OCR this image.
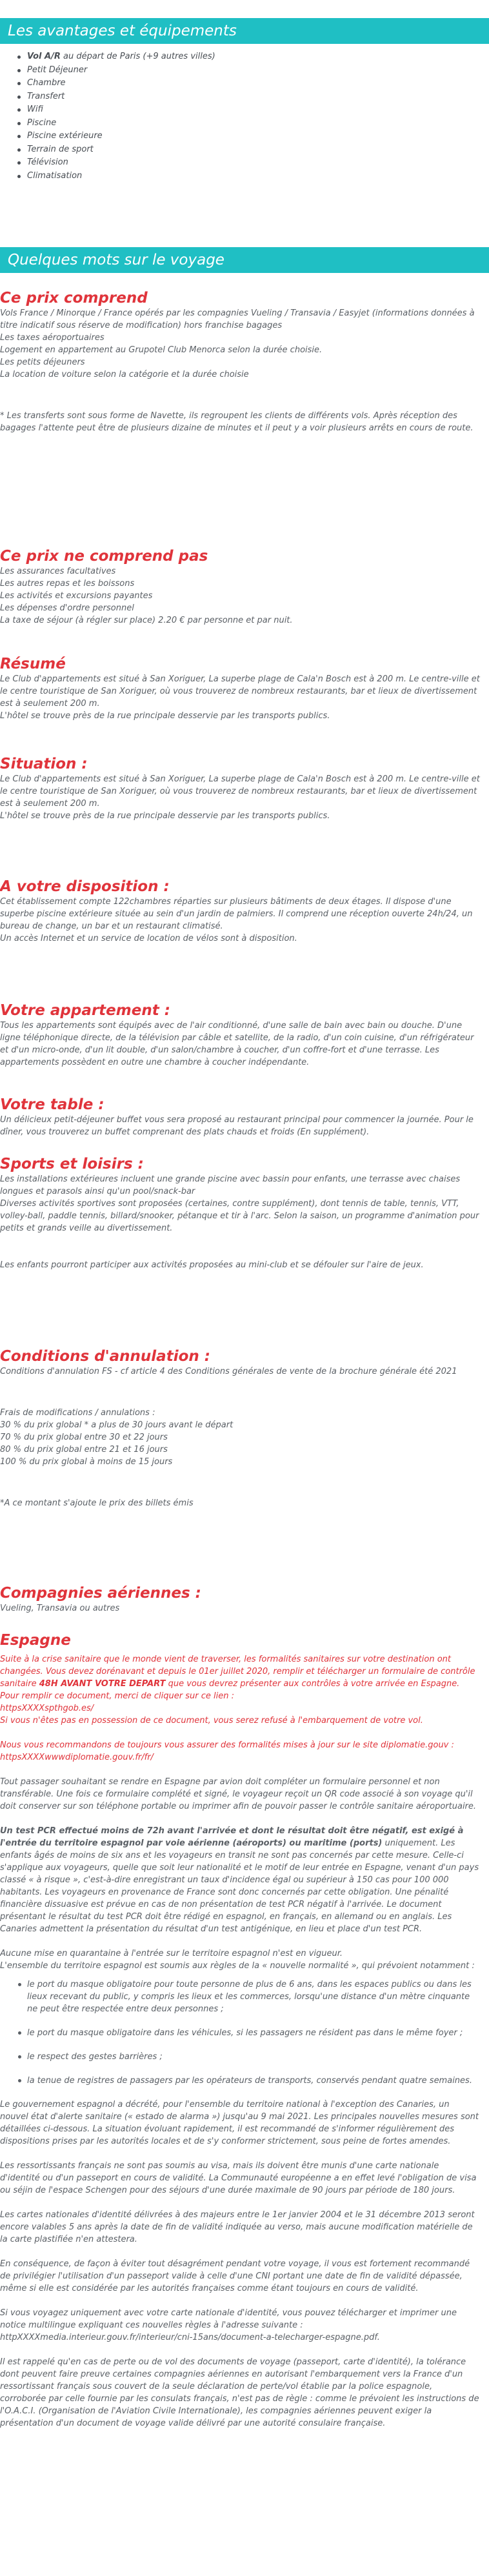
Les avantages et équipements
Vol A/R au départ de Paris (+9 autres villes)
Petit Déjeuner
Chambre
Transfert
Wifi
Piscine
Piscine extérieure
Terrain de sport
Télévision
Climatisation
Quelques mots sur le voyage
Ce prix comprend

Vols France / Minorque / France opérés par les compagnies Vueling / Transavia / Easyjet (informations données à titre indicatif sous réserve de modification) hors franchise bagages

Les taxes aéroportuaires

Logement en appartement au Grupotel Club Menorca selon la durée choisie.

Les petits déjeuners

La location de voiture selon la catégorie et la durée choisie

* Les transferts sont sous forme de Navette, ils regroupent les clients de différents vols. Après réception des bagages l'attente peut être de plusieurs dizaine de minutes et il peut y a voir plusieurs arrêts en cours de route.

Ce prix ne comprend pas

Les assurances facultatives

Les autres repas et les boissons

Les activités et excursions payantes

Les dépenses d'ordre personnel

La taxe de séjour (à régler sur place) 2.20 € par personne et par nuit.

Résumé

Le Club d'appartements est situé à San Xoriguer, La superbe plage de Cala'n Bosch est à 200 m. Le centre-ville et le centre touristique de San Xoriguer, où vous trouverez de nombreux restaurants, bar et lieux de divertissement est à seulement 200 m.

L'hôtel se trouve près de la rue principale desservie par les transports publics.

Situation :

Le Club d'appartements est situé à San Xoriguer, La superbe plage de Cala'n Bosch est à 200 m. Le centre-ville et le centre touristique de San Xoriguer, où vous trouverez de nombreux restaurants, bar et lieux de divertissement est à seulement 200 m.

L'hôtel se trouve près de la rue principale desservie par les transports publics.

A votre disposition :

Cet établissement compte 122chambres réparties sur plusieurs bâtiments de deux étages. Il dispose d'une superbe piscine extérieure située au sein d'un jardin de palmiers. Il comprend une réception ouverte 24h/24, un bureau de change, un bar et un restaurant climatisé.

Un accès Internet et un service de location de vélos sont à disposition.

Votre appartement :

Tous les appartements sont équipés avec de l'air conditionné, d'une salle de bain avec bain ou douche. D'une ligne téléphonique directe, de la télévision par câble et satellite, de la radio, d'un coin cuisine, d'un réfrigérateur et d'un micro-onde, d'un lit double, d'un salon/chambre à coucher, d'un coffre-fort et d'une terrasse. Les appartements possèdent en outre une chambre à coucher indépendante.

Votre table :

Un délicieux petit-déjeuner buffet vous sera proposé au restaurant principal pour commencer la journée. Pour le dîner, vous trouverez un buffet comprenant des plats chauds et froids (En supplément).

Sports et loisirs :

Les installations extérieures incluent une grande piscine avec bassin pour enfants, une terrasse avec chaises longues et parasols ainsi qu'un pool/snack-bar

Diverses activités sportives sont proposées (certaines, contre supplément), dont tennis de table, tennis, VTT, volley-ball, paddle tennis, billard/snooker, pétanque et tir à l'arc. Selon la saison, un programme d'animation pour petits et grands veille au divertissement.

Les enfants pourront participer aux activités proposées au mini-club et se défouler sur l'aire de jeux.

Conditions d'annulation :

Conditions d'annulation FS - cf article 4 des Conditions générales de vente de la brochure générale été 2021

Frais de modifications / annulations :

30 % du prix global * a plus de 30 jours avant le départ

70 % du prix global entre 30 et 22 jours

80 % du prix global entre 21 et 16 jours

100 % du prix global à moins de 15 jours

*A ce montant s'ajoute le prix des billets émis

Compagnies aériennes :

Vueling, Transavia ou autres

Espagne

Suite à la crise sanitaire que le monde vient de traverser, les formalités sanitaires sur votre destination ont changées. Vous devez dorénavant et depuis le 01er juillet 2020, remplir et télécharger un formulaire de contrôle sanitaire 48H AVANT VOTRE DEPART que vous devrez présenter aux contrôles à votre arrivée en Espagne.

Pour remplir ce document, merci de cliquer sur ce lien :

httpsXXXXspthgob.es/

Si vous n'êtes pas en possession de ce document, vous serez refusé à l'embarquement de votre vol.

Nous vous recommandons de toujours vous assurer des formalités mises à jour sur le site diplomatie.gouv : httpsXXXXwwwdiplomatie.gouv.fr/fr/

Tout passager souhaitant se rendre en Espagne par avion doit compléter un formulaire personnel et non transférable. Une fois ce formulaire complété et signé, le voyageur reçoit un QR code associé à son voyage qu'il doit conserver sur son téléphone portable ou imprimer afin de pouvoir passer le contrôle sanitaire aéroportuaire.

Un test PCR effectué moins de 72h avant l'arrivée et dont le résultat doit être négatif, est exigé à l'entrée du territoire espagnol par voie aérienne (aéroports) ou maritime (ports) uniquement. Les enfants âgés de moins de six ans et les voyageurs en transit ne sont pas concernés par cette mesure. Celle-ci s'applique aux voyageurs, quelle que soit leur nationalité et le motif de leur entrée en Espagne, venant d'un pays classé « à risque », c'est-à-dire enregistrant un taux d'incidence égal ou supérieur à 150 cas pour 100 000 habitants. Les voyageurs en provenance de France sont donc concernés par cette obligation. Une pénalité financière dissuasive est prévue en cas de non présentation de test PCR négatif à l'arrivée. Le document présentant le résultat du test PCR doit être rédigé en espagnol, en français, en allemand ou en anglais. Les Canaries admettent la présentation du résultat d'un test antigénique, en lieu et place d'un test PCR.

Aucune mise en quarantaine à l'entrée sur le territoire espagnol n'est en vigueur.

L'ensemble du territoire espagnol est soumis aux règles de la « nouvelle normalité », qui prévoient notamment :

le port du masque obligatoire pour toute personne de plus de 6 ans, dans les espaces publics ou dans les lieux recevant du public, y compris les lieux et les commerces, lorsqu'une distance d'un mètre cinquante ne peut être respectée entre deux personnes ;
le port du masque obligatoire dans les véhicules, si les passagers ne résident pas dans le même foyer ;
le respect des gestes barrières ;
la tenue de registres de passagers par les opérateurs de transports, conservés pendant quatre semaines.

Le gouvernement espagnol a décrété, pour l'ensemble du territoire national à l'exception des Canaries, un nouvel état d'alerte sanitaire (« estado de alarma ») jusqu'au 9 mai 2021. Les principales nouvelles mesures sont détaillées ci-dessous. La situation évoluant rapidement, il est recommandé de s'informer régulièrement des dispositions prises par les autorités locales et de s'y conformer strictement, sous peine de fortes amendes.

Les ressortissants français ne sont pas soumis au visa, mais ils doivent être munis d'une carte nationale d'identité ou d'un passeport en cours de validité. La Communauté européenne a en effet levé l'obligation de visa ou séjin de l'espace Schengen pour des séjours d'une durée maximale de 90 jours par période de 180 jours.

Les cartes nationales d'identité délivrées à des majeurs entre le 1er janvier 2004 et le 31 décembre 2013 seront encore valables 5 ans après la date de fin de validité indiquée au verso, mais aucune modification matérielle de la carte plastifiée n'en attestera.

En conséquence, de façon à éviter tout désagrément pendant votre voyage, il vous est fortement recommandé de privilégier l'utilisation d'un passeport valide à celle d'une CNI portant une date de fin de validité dépassée, même si elle est considérée par les autorités françaises comme étant toujours en cours de validité.

Si vous voyagez uniquement avec votre carte nationale d'identité, vous pouvez télécharger et imprimer une notice multilingue expliquant ces nouvelles règles à l'adresse suivante : httpXXXXmedia.interieur.gouv.fr/interieur/cni-15ans/document-a-telecharger-espagne.pdf.

Il est rappelé qu'en cas de perte ou de vol des documents de voyage (passeport, carte d'identité), la tolérance dont peuvent faire preuve certaines compagnies aériennes en autorisant l'embarquement vers la France d'un ressortissant français sous couvert de la seule déclaration de perte/vol établie par la police espagnole, corroborée par celle fournie par les consulats français, n'est pas de règle : comme le prévoient les instructions de l'O.A.C.I. (Organisation de l'Aviation Civile Internationale), les compagnies aériennes peuvent exiger la présentation d'un document de voyage valide délivré par une autorité consulaire française.
